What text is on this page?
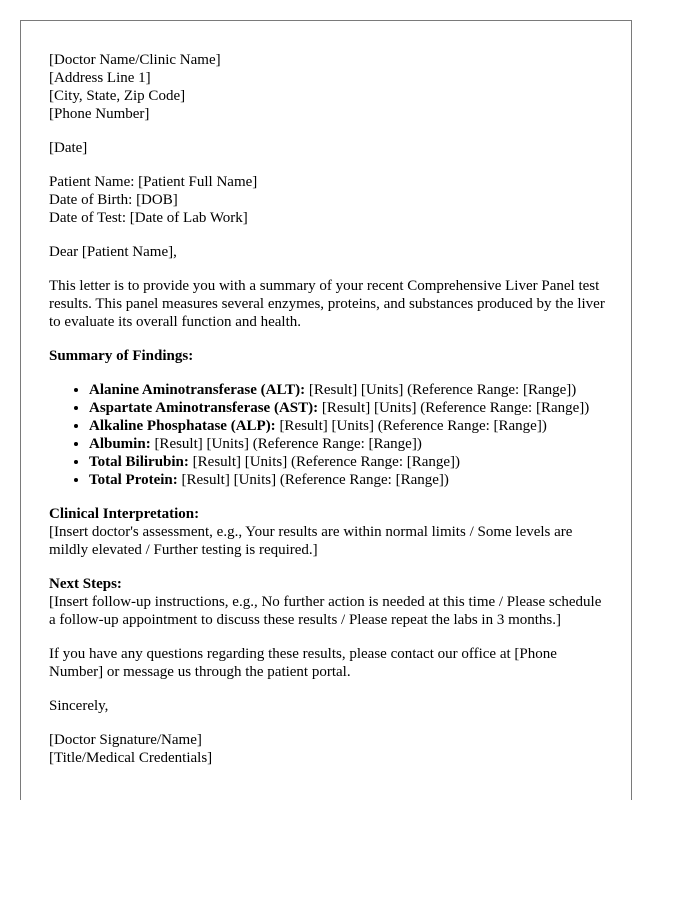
[Doctor Name/Clinic Name]
[Address Line 1]
[City, State, Zip Code]
[Phone Number]
[Date]
Patient Name: [Patient Full Name]
Date of Birth: [DOB]
Date of Test: [Date of Lab Work]
Dear [Patient Name],

This letter is to provide you with a summary of your recent Comprehensive Liver Panel test results. This panel measures several enzymes, proteins, and substances produced by the liver to evaluate its overall function and health.

Summary of Findings:
• Alanine Aminotransferase (ALT): [Result] [Units] (Reference Range: [Range])
• Aspartate Aminotransferase (AST): [Result] [Units] (Reference Range: [Range])
• Alkaline Phosphatase (ALP): [Result] [Units] (Reference Range: [Range])
• Albumin: [Result] [Units] (Reference Range: [Range])
• Total Bilirubin: [Result] [Units] (Reference Range: [Range])
• Total Protein: [Result] [Units] (Reference Range: [Range])
Clinical Interpretation:
[Insert doctor's assessment, e.g., Your results are within normal limits / Some levels are mildly elevated / Further testing is required.]
Next Steps:
[Insert follow-up instructions, e.g., No further action is needed at this time / Please schedule a follow-up appointment to discuss these results / Please repeat the labs in 3 months.]

If you have any questions regarding these results, please contact our office at [Phone Number] or message us through the patient portal.

Sincerely,
[Doctor Signature/Name]
[Title/Medical Credentials]
